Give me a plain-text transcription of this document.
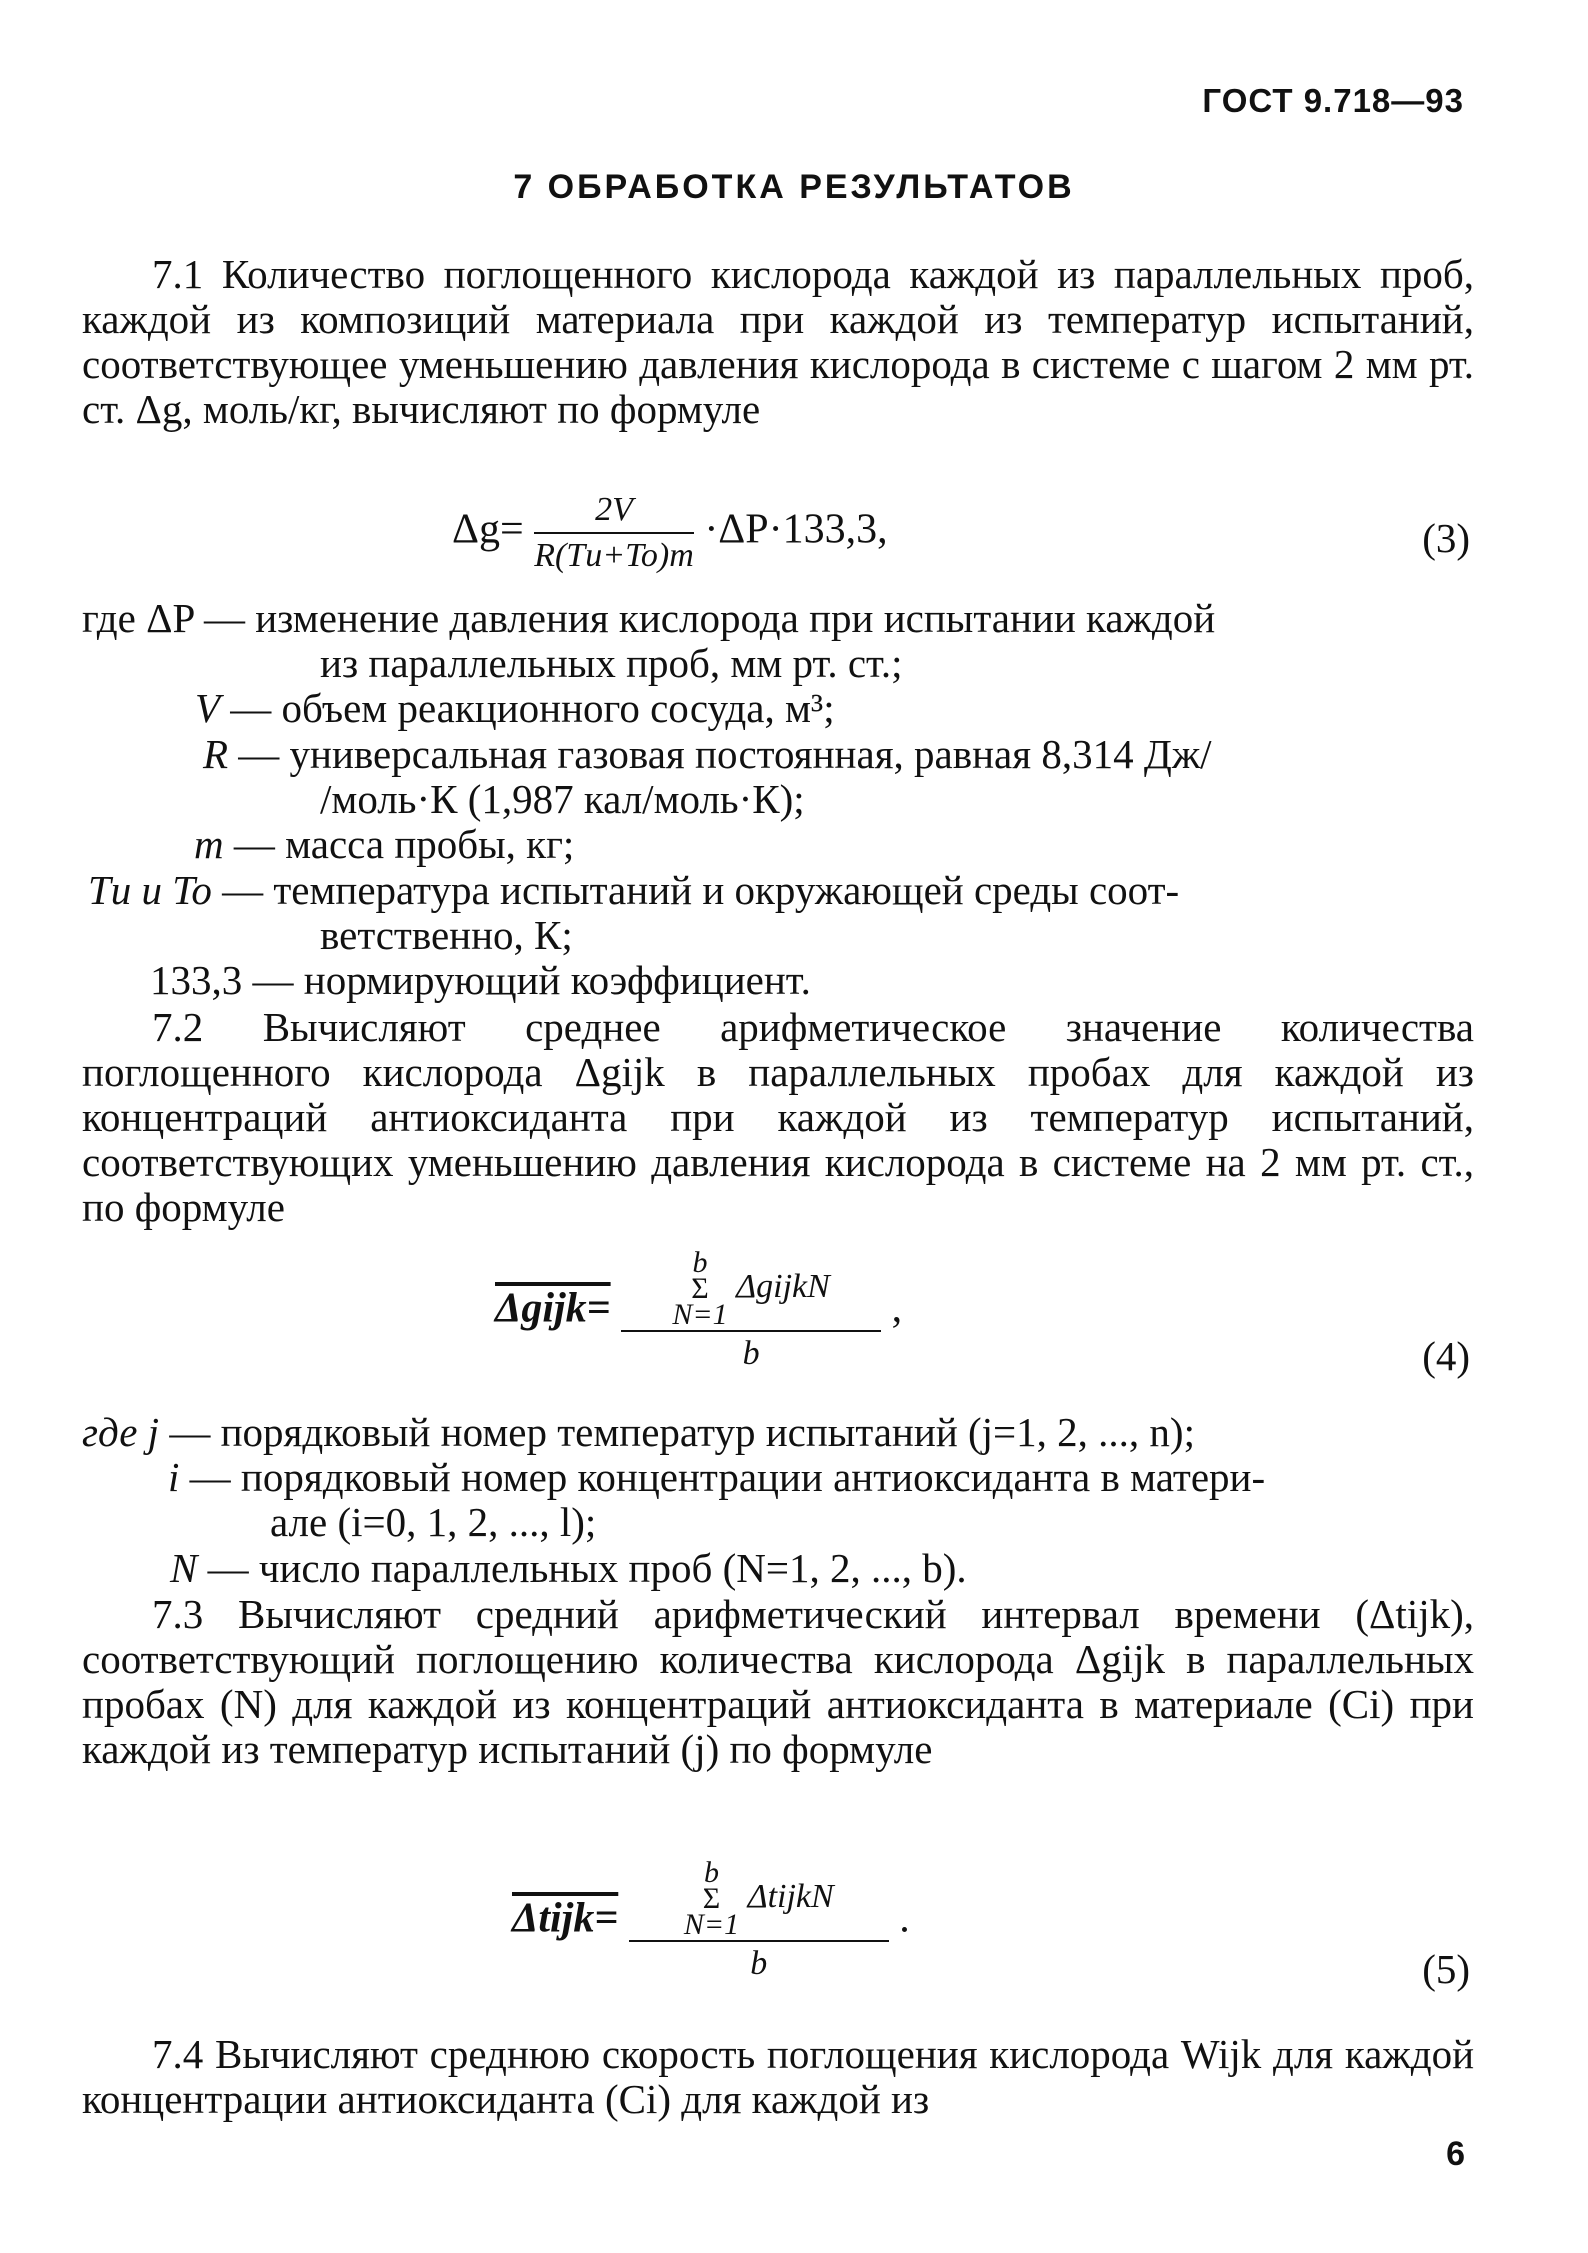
ГОСТ 9.718—93
7 ОБРАБОТКА РЕЗУЛЬТАТОВ
7.1 Количество поглощенного кислорода каждой из параллельных проб, каждой из композиций материала при каждой из температур испытаний, соответствующее уменьшению давления кислорода в системе с шагом 2 мм рт. ст. Δg, моль/кг, вычисляют по формуле
$\Delta g= \frac{2V}{R(Tи+To)m} \cdot\Delta P\cdot 133,3$,	(3)
где ΔP — изменение давления кислорода при испытании каждой
из параллельных проб, мм рт. ст.;
V — объем реакционного сосуда, м³;
R — универсальная газовая постоянная, равная 8,314 Дж/
/моль·К (1,987 кал/моль·К);
m — масса пробы, кг;
Tи и To — температура испытаний и окружающей среды соот-
ветственно, К;
133,3 — нормирующий коэффициент.
7.2 Вычисляют среднее арифметическое значение количества поглощенного кислорода Δgijk в параллельных пробах для каждой из концентраций антиоксиданта при каждой из температур испытаний, соответствующих уменьшению давления кислорода в системе на 2 мм рт. ст., по формуле
Δgijk= b
Σ
N=1
ΔgijkN
b ,
(4)
где j — порядковый номер температур испытаний (j=1, 2, ..., n);
i — порядковый номер концентрации антиоксиданта в матери-
але (i=0, 1, 2, ..., l);
N — число параллельных проб (N=1, 2, ..., b).
7.3 Вычисляют средний арифметический интервал времени (Δtijk), соответствующий поглощению количества кислорода Δgijk в параллельных пробах (N) для каждой из концентраций антиоксиданта в материале (Ci) при каждой из температур испытаний (j) по формуле
Δtijk= b
Σ
N=1
ΔtijkN
b .
(5)
7.4 Вычисляют среднюю скорость поглощения кислорода Wijk для каждой концентрации антиоксиданта (Ci) для каждой из
6
